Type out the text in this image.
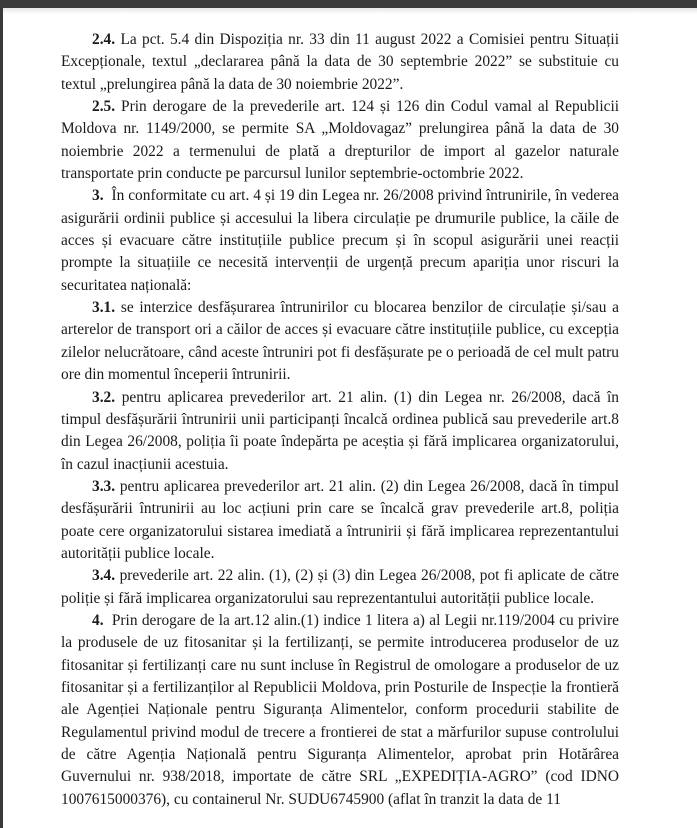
2.4. La pct. 5.4 din Dispoziția nr. 33 din 11 august 2022 a Comisiei pentru Situații Excepționale, textul „declararea până la data de 30 septembrie 2022” se substituie cu textul „prelungirea până la data de 30 noiembrie 2022”.

2.5. Prin derogare de la prevederile art. 124 și 126 din Codul vamal al Republicii Moldova nr. 1149/2000, se permite SA „Moldovagaz” prelungirea până la data de 30 noiembrie 2022 a termenului de plată a drepturilor de import al gazelor naturale transportate prin conducte pe parcursul lunilor septembrie-octombrie 2022.

3. În conformitate cu art. 4 și 19 din Legea nr. 26/2008 privind întrunirile, în vederea asigurării ordinii publice și accesului la libera circulație pe drumurile publice, la căile de acces și evacuare către instituțiile publice precum și în scopul asigurării unei reacții prompte la situațiile ce necesită intervenții de urgență precum apariția unor riscuri la securitatea națională:

3.1. se interzice desfășurarea întrunirilor cu blocarea benzilor de circulație și/sau a arterelor de transport ori a căilor de acces și evacuare către instituțiile publice, cu excepția zilelor nelucrătoare, când aceste întruniri pot fi desfășurate pe o perioadă de cel mult patru ore din momentul începerii întrunirii.

3.2. pentru aplicarea prevederilor art. 21 alin. (1) din Legea nr. 26/2008, dacă în timpul desfășurării întrunirii unii participanți încalcă ordinea publică sau prevederile art.8 din Legea 26/2008, poliția îi poate îndepărta pe aceștia și fără implicarea organizatorului, în cazul inacțiunii acestuia.

3.3. pentru aplicarea prevederilor art. 21 alin. (2) din Legea 26/2008, dacă în timpul desfășurării întrunirii au loc acțiuni prin care se încalcă grav prevederile art.8, poliția poate cere organizatorului sistarea imediată a întrunirii și fără implicarea reprezentantului autorității publice locale.

3.4. prevederile art. 22 alin. (1), (2) și (3) din Legea 26/2008, pot fi aplicate de către poliție și fără implicarea organizatorului sau reprezentantului autorității publice locale.

4. Prin derogare de la art.12 alin.(1) indice 1 litera a) al Legii nr.119/2004 cu privire la produsele de uz fitosanitar și la fertilizanți, se permite introducerea produselor de uz fitosanitar și fertilizanți care nu sunt incluse în Registrul de omologare a produselor de uz fitosanitar și a fertilizanților al Republicii Moldova, prin Posturile de Inspecție la frontieră ale Agenției Naționale pentru Siguranța Alimentelor, conform procedurii stabilite de Regulamentul privind modul de trecere a frontierei de stat a mărfurilor supuse controlului de către Agenția Națională pentru Siguranța Alimentelor, aprobat prin Hotărârea Guvernului nr. 938/2018, importate de către SRL „EXPEDIȚIA-AGRO” (cod IDNO 1007615000376), cu containerul Nr. SUDU6745900 (aflat în tranzit la data de 11
